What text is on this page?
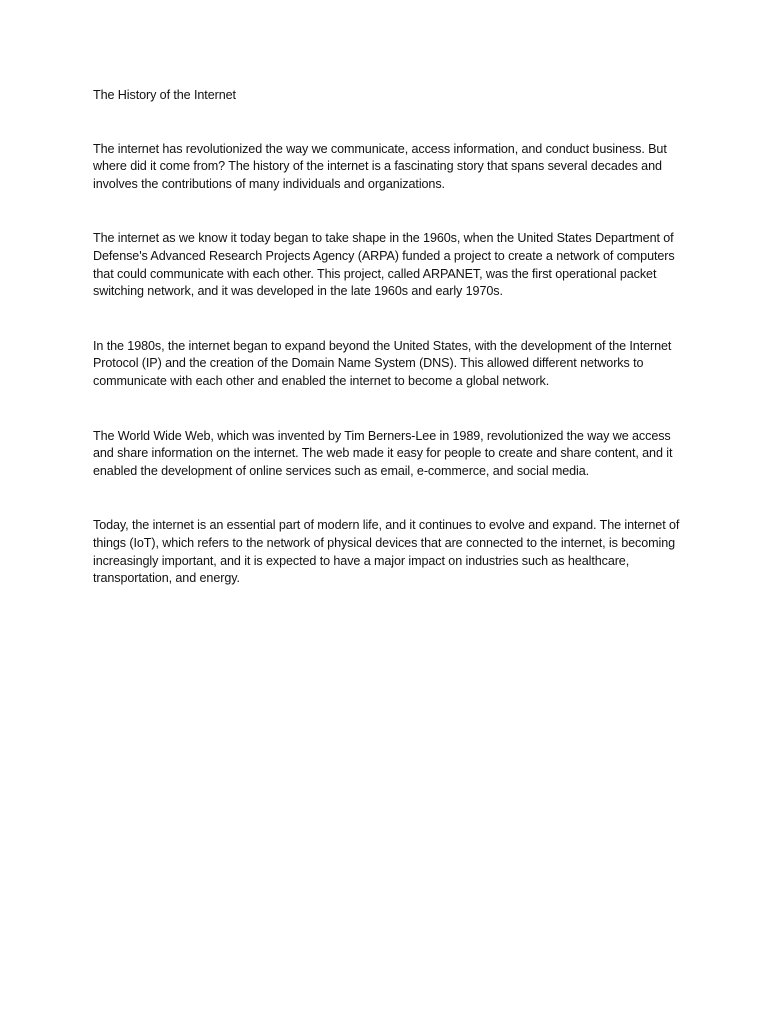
The History of the Internet

The internet has revolutionized the way we communicate, access information, and conduct business. But where did it come from? The history of the internet is a fascinating story that spans several decades and involves the contributions of many individuals and organizations.

The internet as we know it today began to take shape in the 1960s, when the United States Department of Defense's Advanced Research Projects Agency (ARPA) funded a project to create a network of computers that could communicate with each other. This project, called ARPANET, was the first operational packet switching network, and it was developed in the late 1960s and early 1970s.

In the 1980s, the internet began to expand beyond the United States, with the development of the Internet Protocol (IP) and the creation of the Domain Name System (DNS). This allowed different networks to communicate with each other and enabled the internet to become a global network.

The World Wide Web, which was invented by Tim Berners-Lee in 1989, revolutionized the way we access and share information on the internet. The web made it easy for people to create and share content, and it enabled the development of online services such as email, e-commerce, and social media.

Today, the internet is an essential part of modern life, and it continues to evolve and expand. The internet of things (IoT), which refers to the network of physical devices that are connected to the internet, is becoming increasingly important, and it is expected to have a major impact on industries such as healthcare, transportation, and energy.
